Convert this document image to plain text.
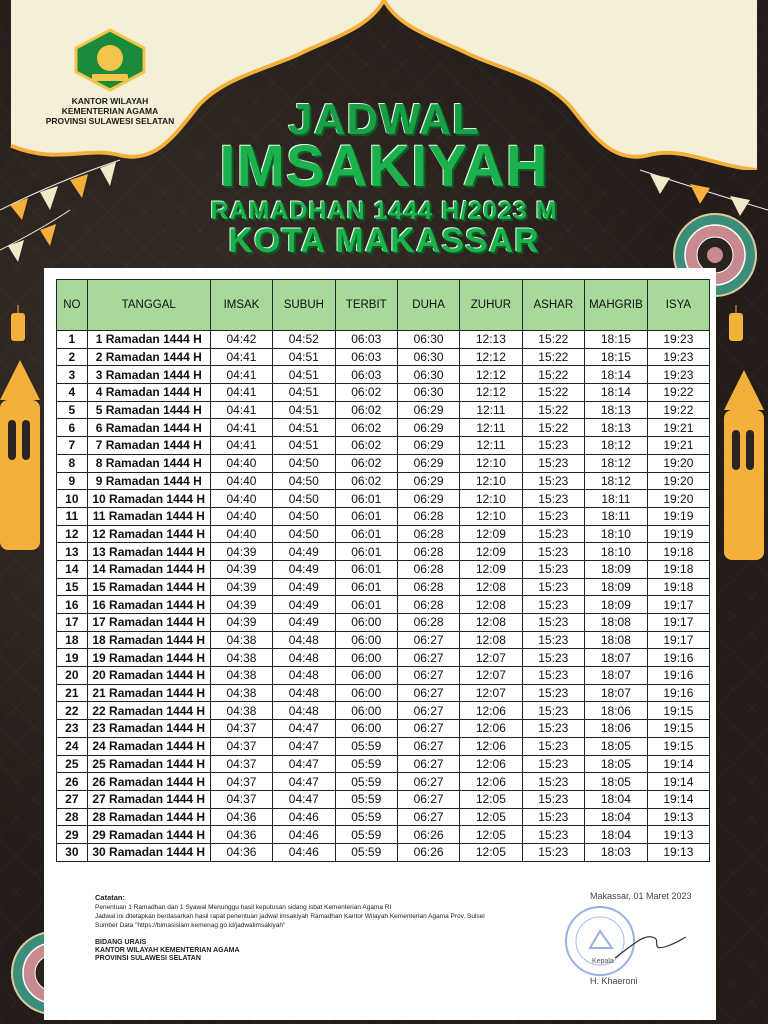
KANTOR WILAYAH
KEMENTERIAN AGAMA
PROVINSI SULAWESI SELATAN	JADWAL
IMSAKIYAH
RAMADHAN 1444 H/2023 M
KOTA MAKASSAR
NO	TANGGAL	IMSAK	SUBUH	TERBIT	DUHA	ZUHUR	ASHAR	MAHGRIB	ISYA
1	1 Ramadan 1444 H	04:42	04:52	06:03	06:30	12:13	15:22	18:15	19:23
2	2 Ramadan 1444 H	04:41	04:51	06:03	06:30	12:12	15:22	18:15	19:23
3	3 Ramadan 1444 H	04:41	04:51	06:03	06:30	12:12	15:22	18:14	19:23
4	4 Ramadan 1444 H	04:41	04:51	06:02	06:30	12:12	15:22	18:14	19:22
5	5 Ramadan 1444 H	04:41	04:51	06:02	06:29	12:11	15:22	18:13	19:22
6	6 Ramadan 1444 H	04:41	04:51	06:02	06:29	12:11	15:22	18:13	19:21
7	7 Ramadan 1444 H	04:41	04:51	06:02	06:29	12:11	15:23	18:12	19:21
8	8 Ramadan 1444 H	04:40	04:50	06:02	06:29	12:10	15:23	18:12	19:20
9	9 Ramadan 1444 H	04:40	04:50	06:02	06:29	12:10	15:23	18:12	19:20
10	10 Ramadan 1444 H	04:40	04:50	06:01	06:29	12:10	15:23	18:11	19:20
11	11 Ramadan 1444 H	04:40	04:50	06:01	06:28	12:10	15:23	18:11	19:19
12	12 Ramadan 1444 H	04:40	04:50	06:01	06:28	12:09	15:23	18:10	19:19
13	13 Ramadan 1444 H	04:39	04:49	06:01	06:28	12:09	15:23	18:10	19:18
14	14 Ramadan 1444 H	04:39	04:49	06:01	06:28	12:09	15:23	18:09	19:18
15	15 Ramadan 1444 H	04:39	04:49	06:01	06:28	12:08	15:23	18:09	19:18
16	16 Ramadan 1444 H	04:39	04:49	06:01	06:28	12:08	15:23	18:09	19:17
17	17 Ramadan 1444 H	04:39	04:49	06:00	06:28	12:08	15:23	18:08	19:17
18	18 Ramadan 1444 H	04:38	04:48	06:00	06:27	12:08	15:23	18:08	19:17
19	19 Ramadan 1444 H	04:38	04:48	06:00	06:27	12:07	15:23	18:07	19:16
20	20 Ramadan 1444 H	04:38	04:48	06:00	06:27	12:07	15:23	18:07	19:16
21	21 Ramadan 1444 H	04:38	04:48	06:00	06:27	12:07	15:23	18:07	19:16
22	22 Ramadan 1444 H	04:38	04:48	06:00	06:27	12:06	15:23	18:06	19:15
23	23 Ramadan 1444 H	04:37	04:47	06:00	06:27	12:06	15:23	18:06	19:15
24	24 Ramadan 1444 H	04:37	04:47	05:59	06:27	12:06	15:23	18:05	19:15
25	25 Ramadan 1444 H	04:37	04:47	05:59	06:27	12:06	15:23	18:05	19:14
26	26 Ramadan 1444 H	04:37	04:47	05:59	06:27	12:06	15:23	18:05	19:14
27	27 Ramadan 1444 H	04:37	04:47	05:59	06:27	12:05	15:23	18:04	19:14
28	28 Ramadan 1444 H	04:36	04:46	05:59	06:27	12:05	15:23	18:04	19:13
29	29 Ramadan 1444 H	04:36	04:46	05:59	06:26	12:05	15:23	18:04	19:13
30	30 Ramadan 1444 H	04:36	04:46	05:59	06:26	12:05	15:23	18:03	19:13
Catatan:
Penentuan 1 Ramadhan dan 1 Syawal Menunggu hasil keputusan sidang isbat Kementerian Agama RI
Jadwal ini ditetapkan berdasarkan hasil rapat penentuan jadwal imsakiyah Ramadhan Kantor Wilayah Kementerian Agama Prov. Sulsel
Sumber Data "https://bimasislam.kemenag.go.id/jadwalimsakiyah"
BIDANG URAIS
KANTOR WILAYAH KEMENTERIAN AGAMA
PROVINSI SULAWESI SELATAN
Makassar, 01 Maret 2023
Kepala
H. Khaeroni
